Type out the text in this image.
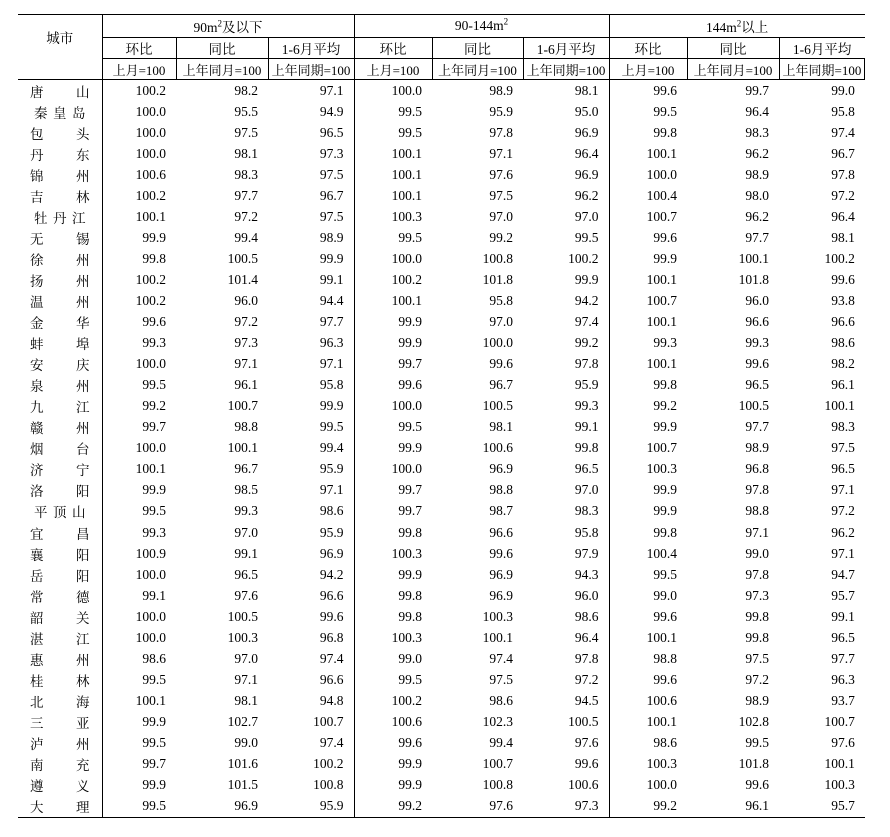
城市	$90m^2$及以下			$90-144m^2$			$144m^2$以上		
	环比	同比	1-6月平均	环比	同比	1-6月平均	环比	同比	1-6月平均
	上月=100	上年同月=100	上年同期=100	上月=100	上年同月=100	上年同期=100	上月=100	上年同月=100	上年同期=100
唐山	100.2	98.2	97.1	100.0	98.9	98.1	99.6	99.7	99.0
秦皇岛	100.0	95.5	94.9	99.5	95.9	95.0	99.5	96.4	95.8
包头	100.0	97.5	96.5	99.5	97.8	96.9	99.8	98.3	97.4
丹东	100.0	98.1	97.3	100.1	97.1	96.4	100.1	96.2	96.7
锦州	100.6	98.3	97.5	100.1	97.6	96.9	100.0	98.9	97.8
吉林	100.2	97.7	96.7	100.1	97.5	96.2	100.4	98.0	97.2
牡丹江	100.1	97.2	97.5	100.3	97.0	97.0	100.7	96.2	96.4
无锡	99.9	99.4	98.9	99.5	99.2	99.5	99.6	97.7	98.1
徐州	99.8	100.5	99.9	100.0	100.8	100.2	99.9	100.1	100.2
扬州	100.2	101.4	99.1	100.2	101.8	99.9	100.1	101.8	99.6
温州	100.2	96.0	94.4	100.1	95.8	94.2	100.7	96.0	93.8
金华	99.6	97.2	97.7	99.9	97.0	97.4	100.1	96.6	96.6
蚌埠	99.3	97.3	96.3	99.9	100.0	99.2	99.3	99.3	98.6
安庆	100.0	97.1	97.1	99.7	99.6	97.8	100.1	99.6	98.2
泉州	99.5	96.1	95.8	99.6	96.7	95.9	99.8	96.5	96.1
九江	99.2	100.7	99.9	100.0	100.5	99.3	99.2	100.5	100.1
赣州	99.7	98.8	99.5	99.5	98.1	99.1	99.9	97.7	98.3
烟台	100.0	100.1	99.4	99.9	100.6	99.8	100.7	98.9	97.5
济宁	100.1	96.7	95.9	100.0	96.9	96.5	100.3	96.8	96.5
洛阳	99.9	98.5	97.1	99.7	98.8	97.0	99.9	97.8	97.1
平顶山	99.5	99.3	98.6	99.7	98.7	98.3	99.9	98.8	97.2
宜昌	99.3	97.0	95.9	99.8	96.6	95.8	99.8	97.1	96.2
襄阳	100.9	99.1	96.9	100.3	99.6	97.9	100.4	99.0	97.1
岳阳	100.0	96.5	94.2	99.9	96.9	94.3	99.5	97.8	94.7
常德	99.1	97.6	96.6	99.8	96.9	96.0	99.0	97.3	95.7
韶关	100.0	100.5	99.6	99.8	100.3	98.6	99.6	99.8	99.1
湛江	100.0	100.3	96.8	100.3	100.1	96.4	100.1	99.8	96.5
惠州	98.6	97.0	97.4	99.0	97.4	97.8	98.8	97.5	97.7
桂林	99.5	97.1	96.6	99.5	97.5	97.2	99.6	97.2	96.3
北海	100.1	98.1	94.8	100.2	98.6	94.5	100.6	98.9	93.7
三亚	99.9	102.7	100.7	100.6	102.3	100.5	100.1	102.8	100.7
泸州	99.5	99.0	97.4	99.6	99.4	97.6	98.6	99.5	97.6
南充	99.7	101.6	100.2	99.9	100.7	99.6	100.3	101.8	100.1
遵义	99.9	101.5	100.8	99.9	100.8	100.6	100.0	99.6	100.3
大理	99.5	96.9	95.9	99.2	97.6	97.3	99.2	96.1	95.7
